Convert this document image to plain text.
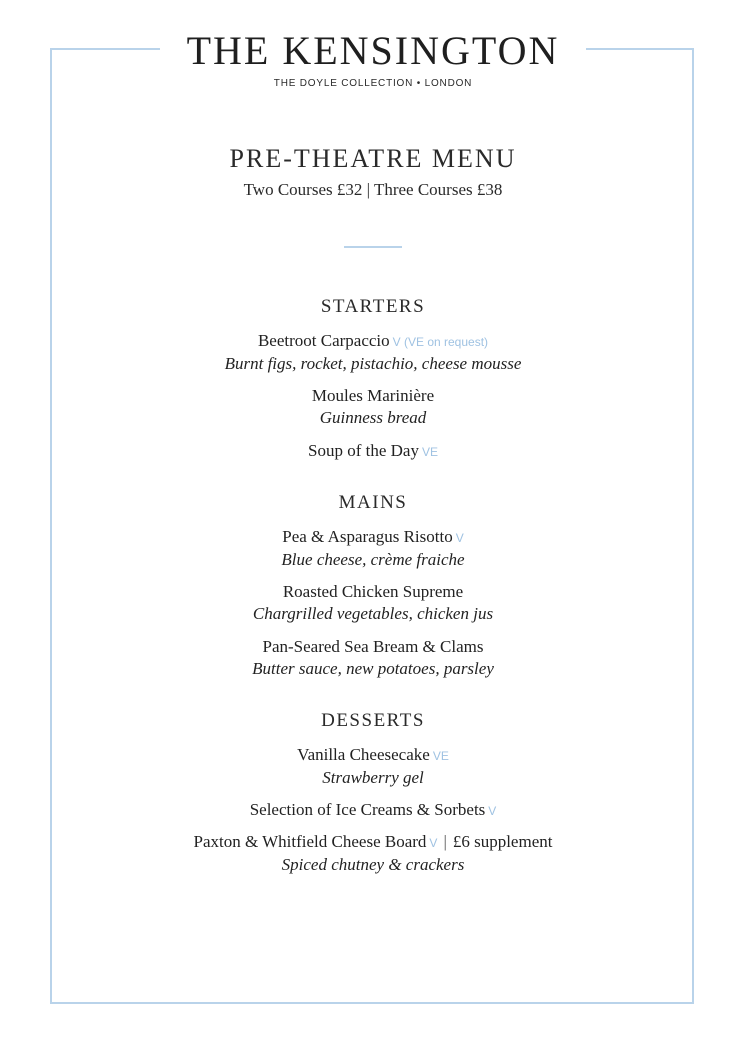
THE KENSINGTON
THE DOYLE COLLECTION • LONDON
PRE-THEATRE MENU
Two Courses £32 | Three Courses £38
STARTERS
Beetroot Carpaccio V (VE on request)
Burnt figs, rocket, pistachio, cheese mousse
Moules Marinière
Guinness bread
Soup of the Day VE
MAINS
Pea & Asparagus Risotto V
Blue cheese, crème fraiche
Roasted Chicken Supreme
Chargrilled vegetables, chicken jus
Pan-Seared Sea Bream & Clams
Butter sauce, new potatoes, parsley
DESSERTS
Vanilla Cheesecake VE
Strawberry gel
Selection of Ice Creams & Sorbets V
Paxton & Whitfield Cheese Board V | £6 supplement
Spiced chutney & crackers
